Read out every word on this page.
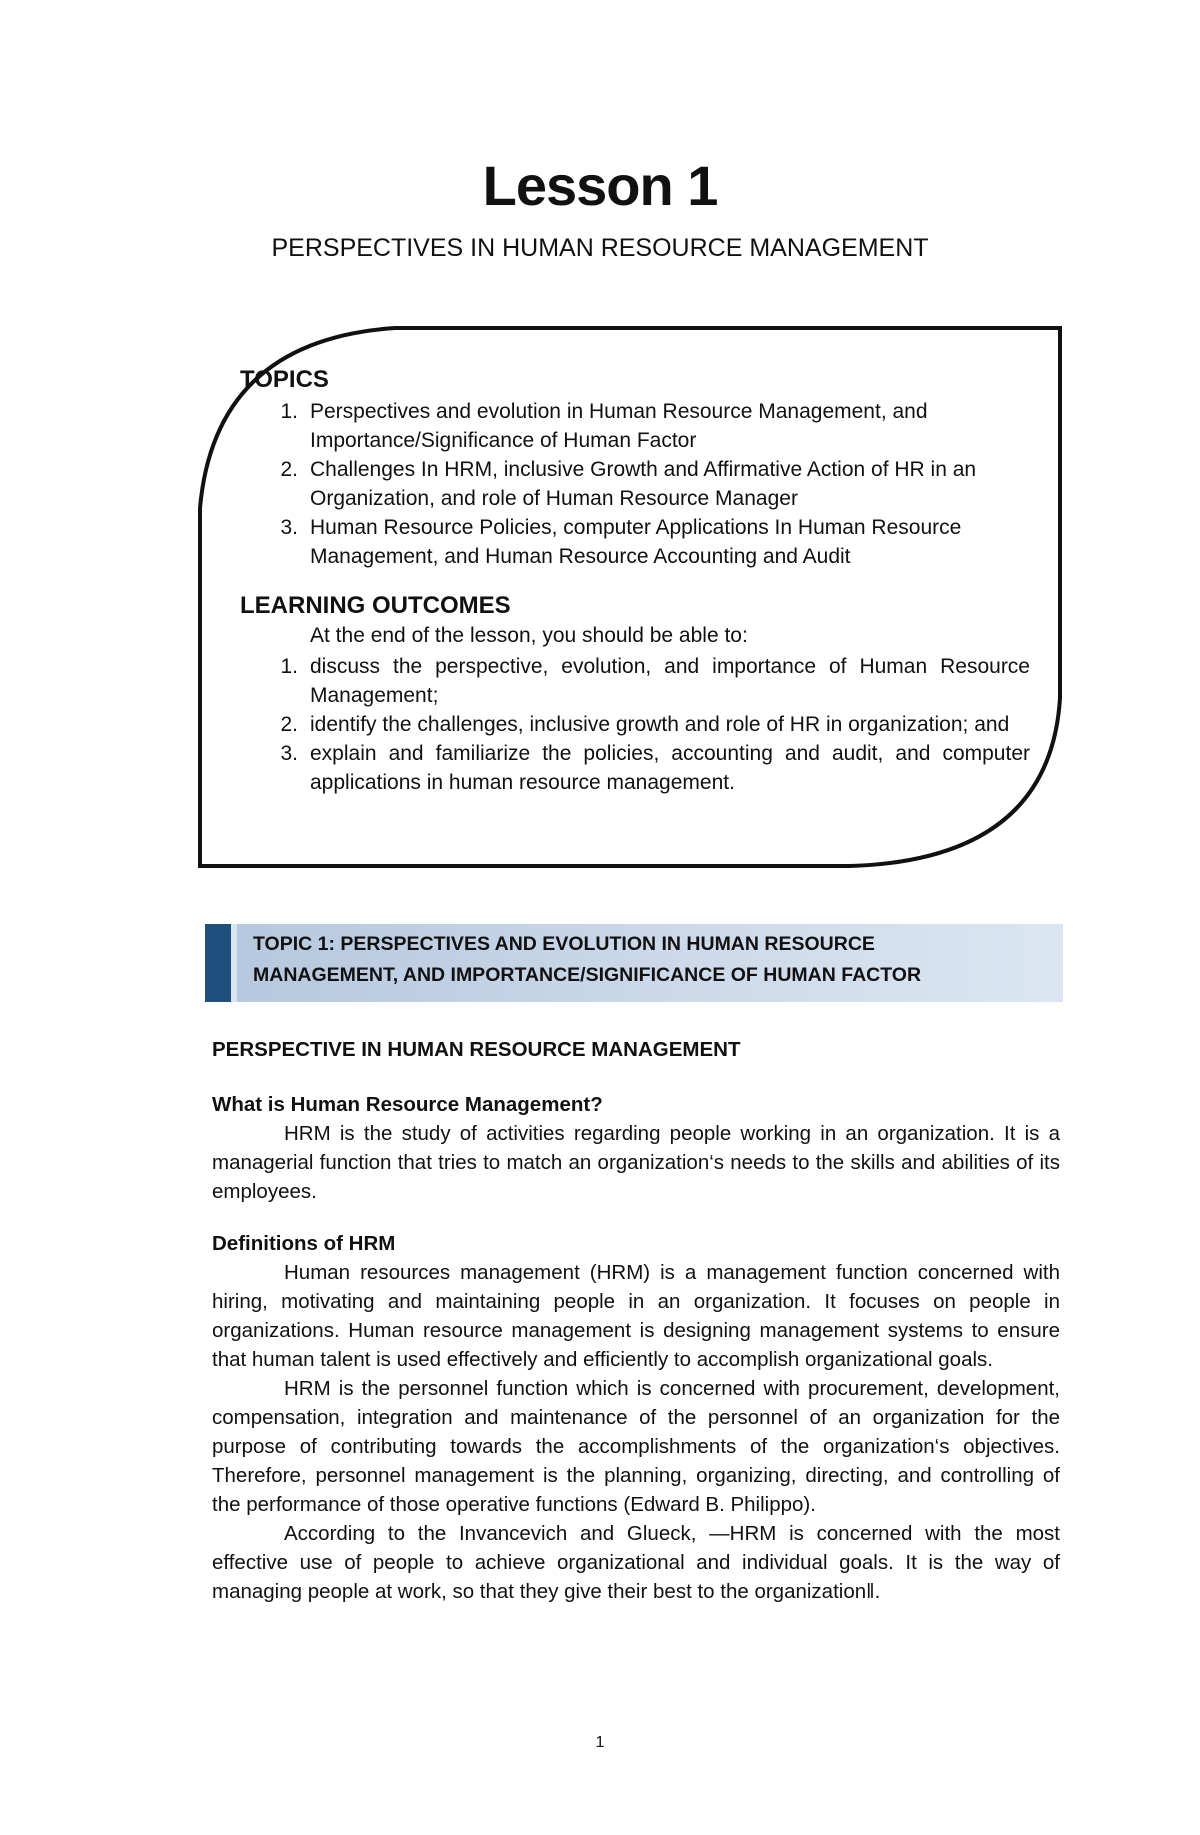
Lesson 1
PERSPECTIVES IN HUMAN RESOURCE MANAGEMENT
TOPICS
1. Perspectives and evolution in Human Resource Management, and Importance/Significance of Human Factor
2. Challenges In HRM, inclusive Growth and Affirmative Action of HR in an Organization, and role of Human Resource Manager
3. Human Resource Policies, computer Applications In Human Resource Management, and Human Resource Accounting and Audit
LEARNING OUTCOMES
At the end of the lesson, you should be able to:
1. discuss the perspective, evolution, and importance of Human Resource Management;
2. identify the challenges, inclusive growth and role of HR in organization; and
3. explain and familiarize the policies, accounting and audit, and computer applications in human resource management.
TOPIC 1: PERSPECTIVES AND EVOLUTION IN HUMAN RESOURCE
MANAGEMENT, AND IMPORTANCE/SIGNIFICANCE OF HUMAN FACTOR

PERSPECTIVE IN HUMAN RESOURCE MANAGEMENT

What is Human Resource Management?

HRM is the study of activities regarding people working in an organization. It is a managerial function that tries to match an organization‘s needs to the skills and abilities of its employees.

Definitions of HRM

Human resources management (HRM) is a management function concerned with hiring, motivating and maintaining people in an organization. It focuses on people in organizations. Human resource management is designing management systems to ensure that human talent is used effectively and efficiently to accomplish organizational goals.

HRM is the personnel function which is concerned with procurement, development, compensation, integration and maintenance of the personnel of an organization for the purpose of contributing towards the accomplishments of the organization‘s objectives. Therefore, personnel management is the planning, organizing, directing, and controlling of the performance of those operative functions (Edward B. Philippo).

According to the Invancevich and Glueck, ―HRM is concerned with the most effective use of people to achieve organizational and individual goals. It is the way of managing people at work, so that they give their best to the organization‖.

1
